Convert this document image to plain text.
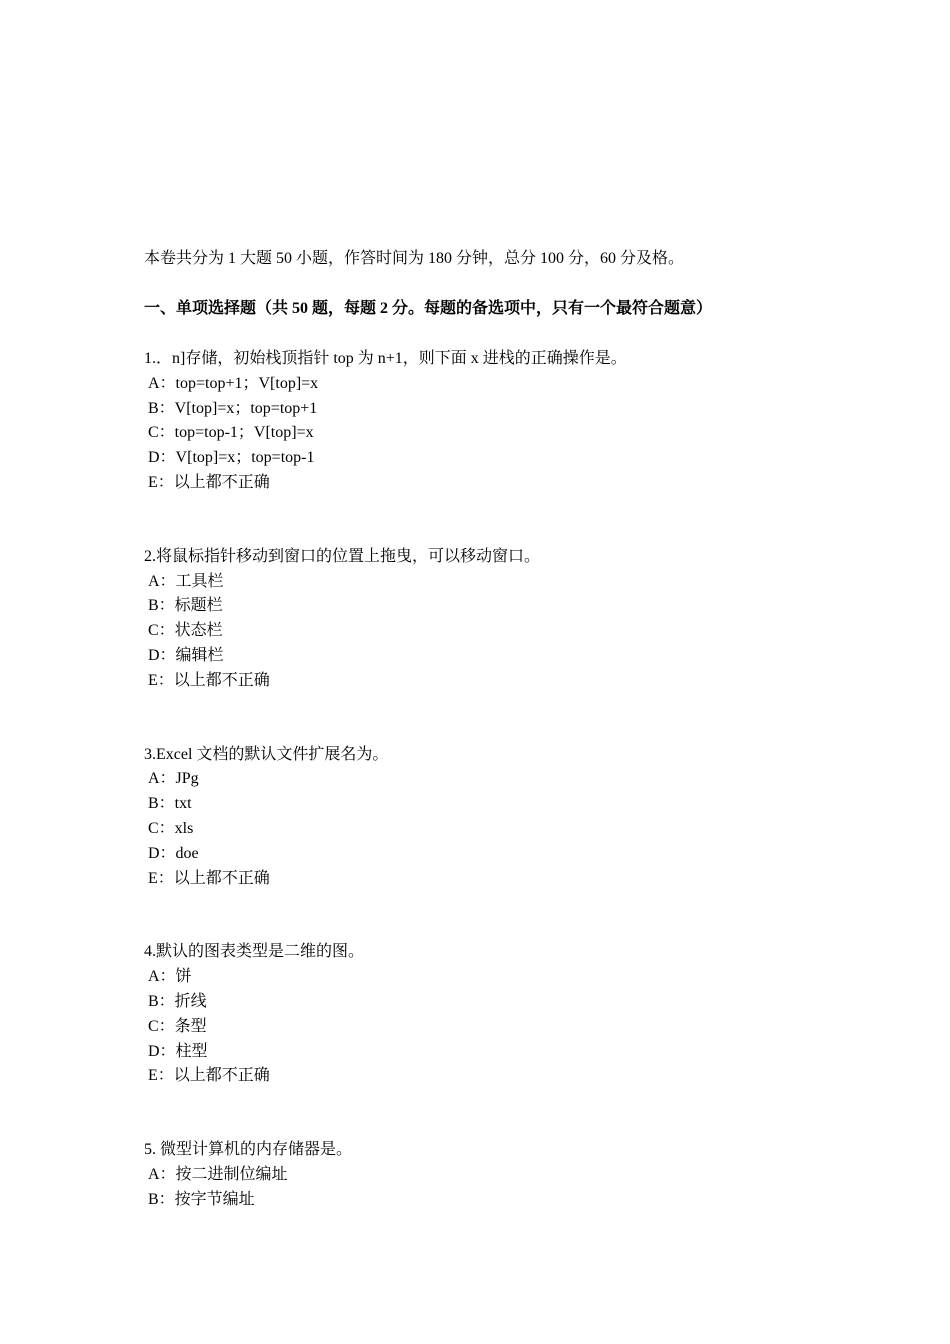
本卷共分为 1 大题 50 小题，作答时间为 180 分钟，总分 100 分，60 分及格。

一、单项选择题（共 50 题，每题 2 分。每题的备选项中，只有一个最符合题意）

1.．n]存储，初始栈顶指针 top 为 n+1，则下面 x 进栈的正确操作是。

A：top=top+1；V[top]=x
B：V[top]=x；top=top+1
C：top=top-1；V[top]=x
D：V[top]=x；top=top-1
E：以上都不正确

2.将鼠标指针移动到窗口的位置上拖曳，可以移动窗口。

A：工具栏
B：标题栏
C：状态栏
D：编辑栏
E：以上都不正确

3.Excel 文档的默认文件扩展名为。

A：JPg
B：txt
C：xls
D：doe
E：以上都不正确

4.默认的图表类型是二维的图。

A：饼
B：折线
C：条型
D：柱型
E：以上都不正确

5. 微型计算机的内存储器是。

A：按二进制位编址
B：按字节编址
